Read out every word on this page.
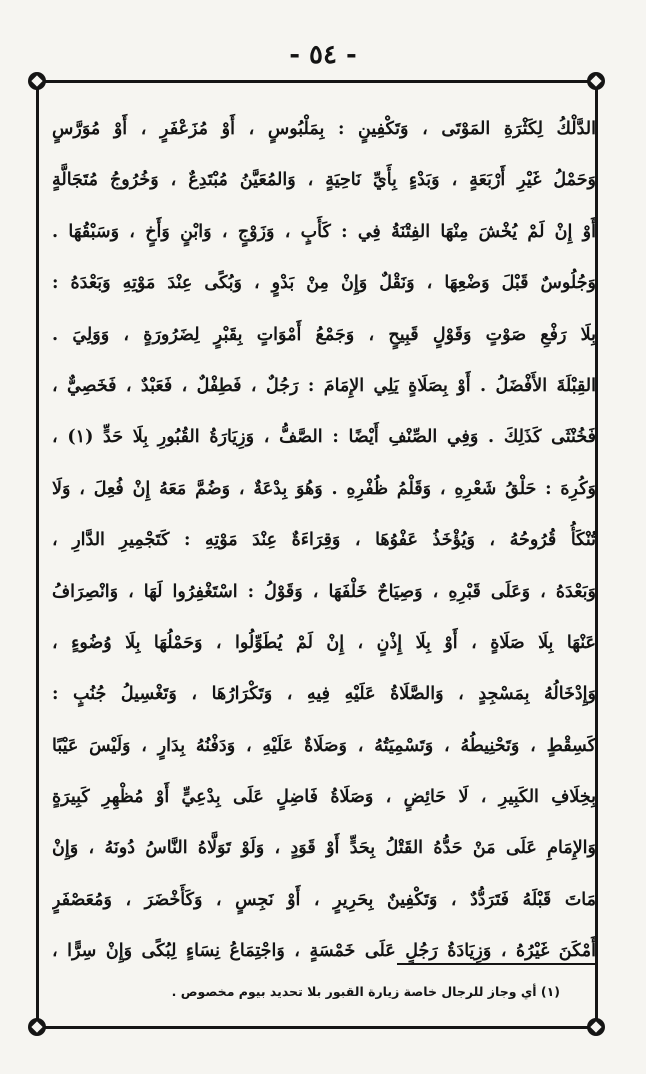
- ٥٤ -
الدَّلْكُ لِكَثْرَةِ المَوْتَى ، وَتَكْفِينٍ : بِمَلْبُوسٍ ، أَوْ مُزَعْفَرٍ ، أَوْ مُوَرَّسٍ
وَحَمْلُ غَيْرِ أَرْبَعَةٍ ، وَبَدْءٍ بِأَيِّ نَاحِيَةٍ ، وَالمُعَيَّنُ مُبْتَدِعٌ ، وَخُرُوجُ مُتَجَالَّةٍ
أَوْ إِنْ لَمْ يُخْشَ مِنْهَا الفِتْنَةُ فِي : كَأَبٍ ، وَزَوْجٍ ، وَابْنٍ وَأَخٍ ، وَسَبْقُهَا .
وَجُلُوسٌ قَبْلَ وَضْعِهَا ، وَنَقْلٌ وَإِنْ مِنْ بَدْوٍ ، وَبُكًى عِنْدَ مَوْتِهِ وَبَعْدَهُ :
بِلَا رَفْعِ صَوْتٍ وَقَوْلٍ قَبِيحٍ ، وَجَمْعُ أَمْوَاتٍ بِقَبْرٍ لِضَرُورَةٍ ، وَوَلِيَ .
القِبْلَةَ الأَفْضَلُ . أَوْ بِصَلَاةٍ يَلِي الإِمَامَ : رَجُلٌ ، فَطِفْلٌ ، فَعَبْدٌ ، فَخَصِيٌّ ،
فَخُنْثَى كَذَلِكَ . وَفِي الصِّنْفِ أَيْضًا : الصَّفُّ ، وَزِيَارَةُ القُبُورِ بِلَا حَدٍّ (١) ،
وَكُرِهَ : حَلْقُ شَعْرِهِ ، وَقَلْمُ ظُفْرِهِ . وَهُوَ بِدْعَةٌ ، وَضُمَّ مَعَهُ إِنْ فُعِلَ ، وَلَا
تُنْكَأُ قُرُوحُهُ ، وَيُؤْخَذُ عَفْوُهَا ، وَقِرَاءَةٌ عِنْدَ مَوْتِهِ : كَتَجْمِيرِ الدَّارِ ،
وَبَعْدَهُ ، وَعَلَى قَبْرِهِ ، وَصِيَاحٌ خَلْفَهَا ، وَقَوْلُ : اسْتَغْفِرُوا لَهَا ، وَانْصِرَافُ
عَنْهَا بِلَا صَلَاةٍ ، أَوْ بِلَا إِذْنٍ ، إِنْ لَمْ يُطَوِّلُوا ، وَحَمْلُهَا بِلَا وُضُوءٍ ،
وَإِدْخَالُهُ بِمَسْجِدٍ ، وَالصَّلَاةُ عَلَيْهِ فِيهِ ، وَتَكْرَارُهَا ، وَتَغْسِيلُ جُنُبٍ :
كَسِقْطٍ ، وَتَحْنِيطُهُ ، وَتَسْمِيَتُهُ ، وَصَلَاةٌ عَلَيْهِ ، وَدَفْنُهُ بِدَارٍ ، وَلَيْسَ عَيْبًا
بِخِلَافِ الكَبِيرِ ، لَا حَائِضٍ ، وَصَلَاةُ فَاضِلٍ عَلَى بِدْعِيٍّ أَوْ مُظْهِرِ كَبِيرَةٍ
وَالإِمَامِ عَلَى مَنْ حَدُّهُ القَتْلُ بِحَدٍّ أَوْ قَوَدٍ ، وَلَوْ تَوَلَّاهُ النَّاسُ دُونَهُ ، وَإِنْ
مَاتَ قَبْلَهُ فَتَرَدُّدٌ ، وَتَكْفِينٌ بِحَرِيرٍ ، أَوْ نَجِسٍ ، وَكَأَخْضَرَ ، وَمُعَصْفَرٍ
أَمْكَنَ غَيْرُهُ ، وَزِيَادَةُ رَجُلٍ عَلَى خَمْسَةٍ ، وَاجْتِمَاعُ نِسَاءٍ لِبُكًى وَإِنْ سِرًّا ،
(١) أي وجاز للرجال خاصة زيارة القبور بلا تحديد بيوم مخصوص .
